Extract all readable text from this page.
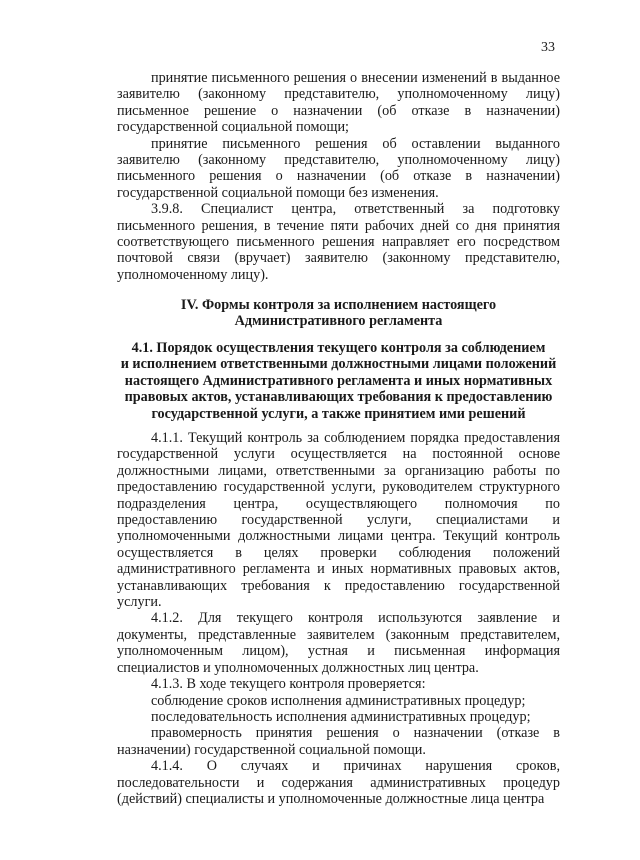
33

принятие письменного решения о внесении изменений в выданное заявителю (законному представителю, уполномоченному лицу) письменное решение о назначении (об отказе в назначении) государственной социальной помощи;

принятие письменного решения об оставлении выданного заявителю (законному представителю, уполномоченному лицу) письменного решения о назначении (об отказе в назначении) государственной социальной помощи без изменения.

3.9.8. Специалист центра, ответственный за подготовку письменного решения, в течение пяти рабочих дней со дня принятия соответствующего письменного решения направляет его посредством почтовой связи (вручает) заявителю (законному представителю, уполномоченному лицу).

IV. Формы контроля за исполнением настоящего
Административного регламента
4.1. Порядок осуществления текущего контроля за соблюдением
и исполнением ответственными должностными лицами положений
настоящего Административного регламента и иных нормативных
правовых актов, устанавливающих требования к предоставлению
государственной услуги, а также принятием ими решений

4.1.1. Текущий контроль за соблюдением порядка предоставления государственной услуги осуществляется на постоянной основе должностными лицами, ответственными за организацию работы по предоставлению государственной услуги, руководителем структурного подразделения центра, осуществляющего полномочия по предоставлению государственной услуги, специалистами и уполномоченными должностными лицами центра. Текущий контроль осуществляется в целях проверки соблюдения положений административного регламента и иных нормативных правовых актов, устанавливающих требования к предоставлению государственной услуги.

4.1.2. Для текущего контроля используются заявление и документы, представленные заявителем (законным представителем, уполномоченным лицом), устная и письменная информация специалистов и уполномоченных должностных лиц центра.

4.1.3. В ходе текущего контроля проверяется:

соблюдение сроков исполнения административных процедур;

последовательность исполнения административных процедур;

правомерность принятия решения о назначении (отказе в назначении) государственной социальной помощи.

4.1.4. О случаях и причинах нарушения сроков, последовательности и содержания административных процедур (действий) специалисты и уполномоченные должностные лица центра
